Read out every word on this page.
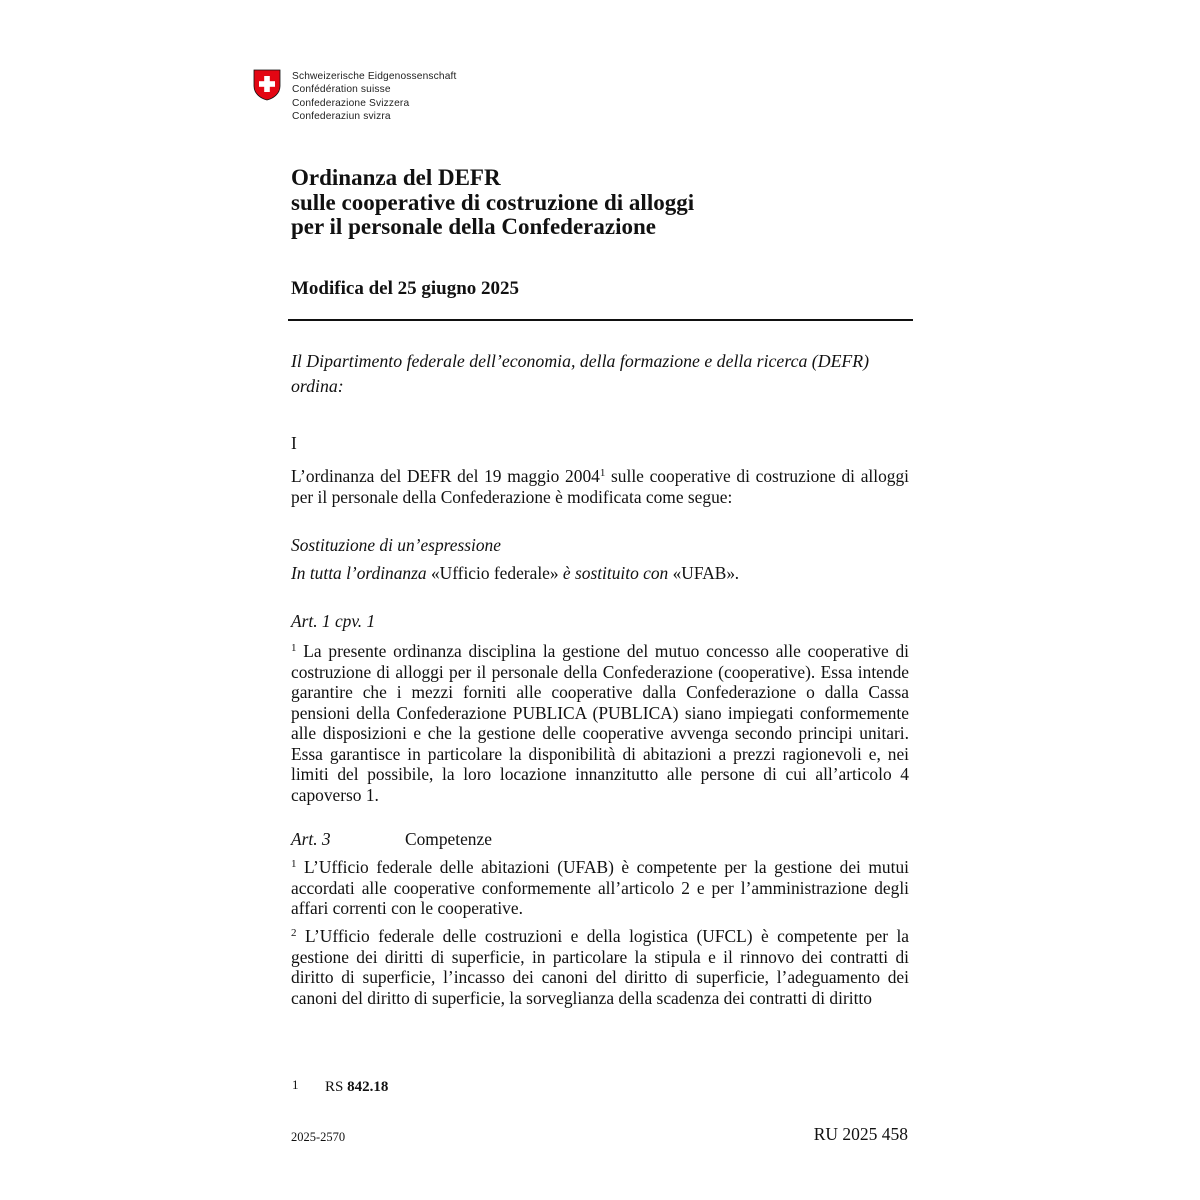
Schweizerische Eidgenossenschaft
Confédération suisse
Confederazione Svizzera
Confederaziun svizra
Ordinanza del DEFR
sulle cooperative di costruzione di alloggi
per il personale della Confederazione
Modifica del 25 giugno 2025
Il Dipartimento federale dell’economia, della formazione e della ricerca (DEFR)
ordina:
I
L’ordinanza del DEFR del 19 maggio 2004$^1$ sulle cooperative di costruzione di alloggi per il personale della Confederazione è modificata come segue:
Sostituzione di un’espressione
In tutta l’ordinanza «Ufficio federale» è sostituito con «UFAB».
Art. 1 cpv. 1
$^1$ La presente ordinanza disciplina la gestione del mutuo concesso alle cooperative di costruzione di alloggi per il personale della Confederazione (cooperative). Essa intende garantire che i mezzi forniti alle cooperative dalla Confederazione o dalla Cassa pensioni della Confederazione PUBLICA (PUBLICA) siano impiegati conformemente alle disposizioni e che la gestione delle cooperative avvenga secondo principi unitari. Essa garantisce in particolare la disponibilità di abitazioni a prezzi ragionevoli e, nei limiti del possibile, la loro locazione innanzitutto alle persone di cui all’articolo 4 capoverso 1.
Art. 3	Competenze
$^1$ L’Ufficio federale delle abitazioni (UFAB) è competente per la gestione dei mutui accordati alle cooperative conformemente all’articolo 2 e per l’amministrazione degli affari correnti con le cooperative.
$^2$ L’Ufficio federale delle costruzioni e della logistica (UFCL) è competente per la gestione dei diritti di superficie, in particolare la stipula e il rinnovo dei contratti di diritto di superficie, l’incasso dei canoni del diritto di superficie, l’adeguamento dei canoni del diritto di superficie, la sorveglianza della scadenza dei contratti di diritto
1 RS 842.18
2025-2570	RU 2025 458
